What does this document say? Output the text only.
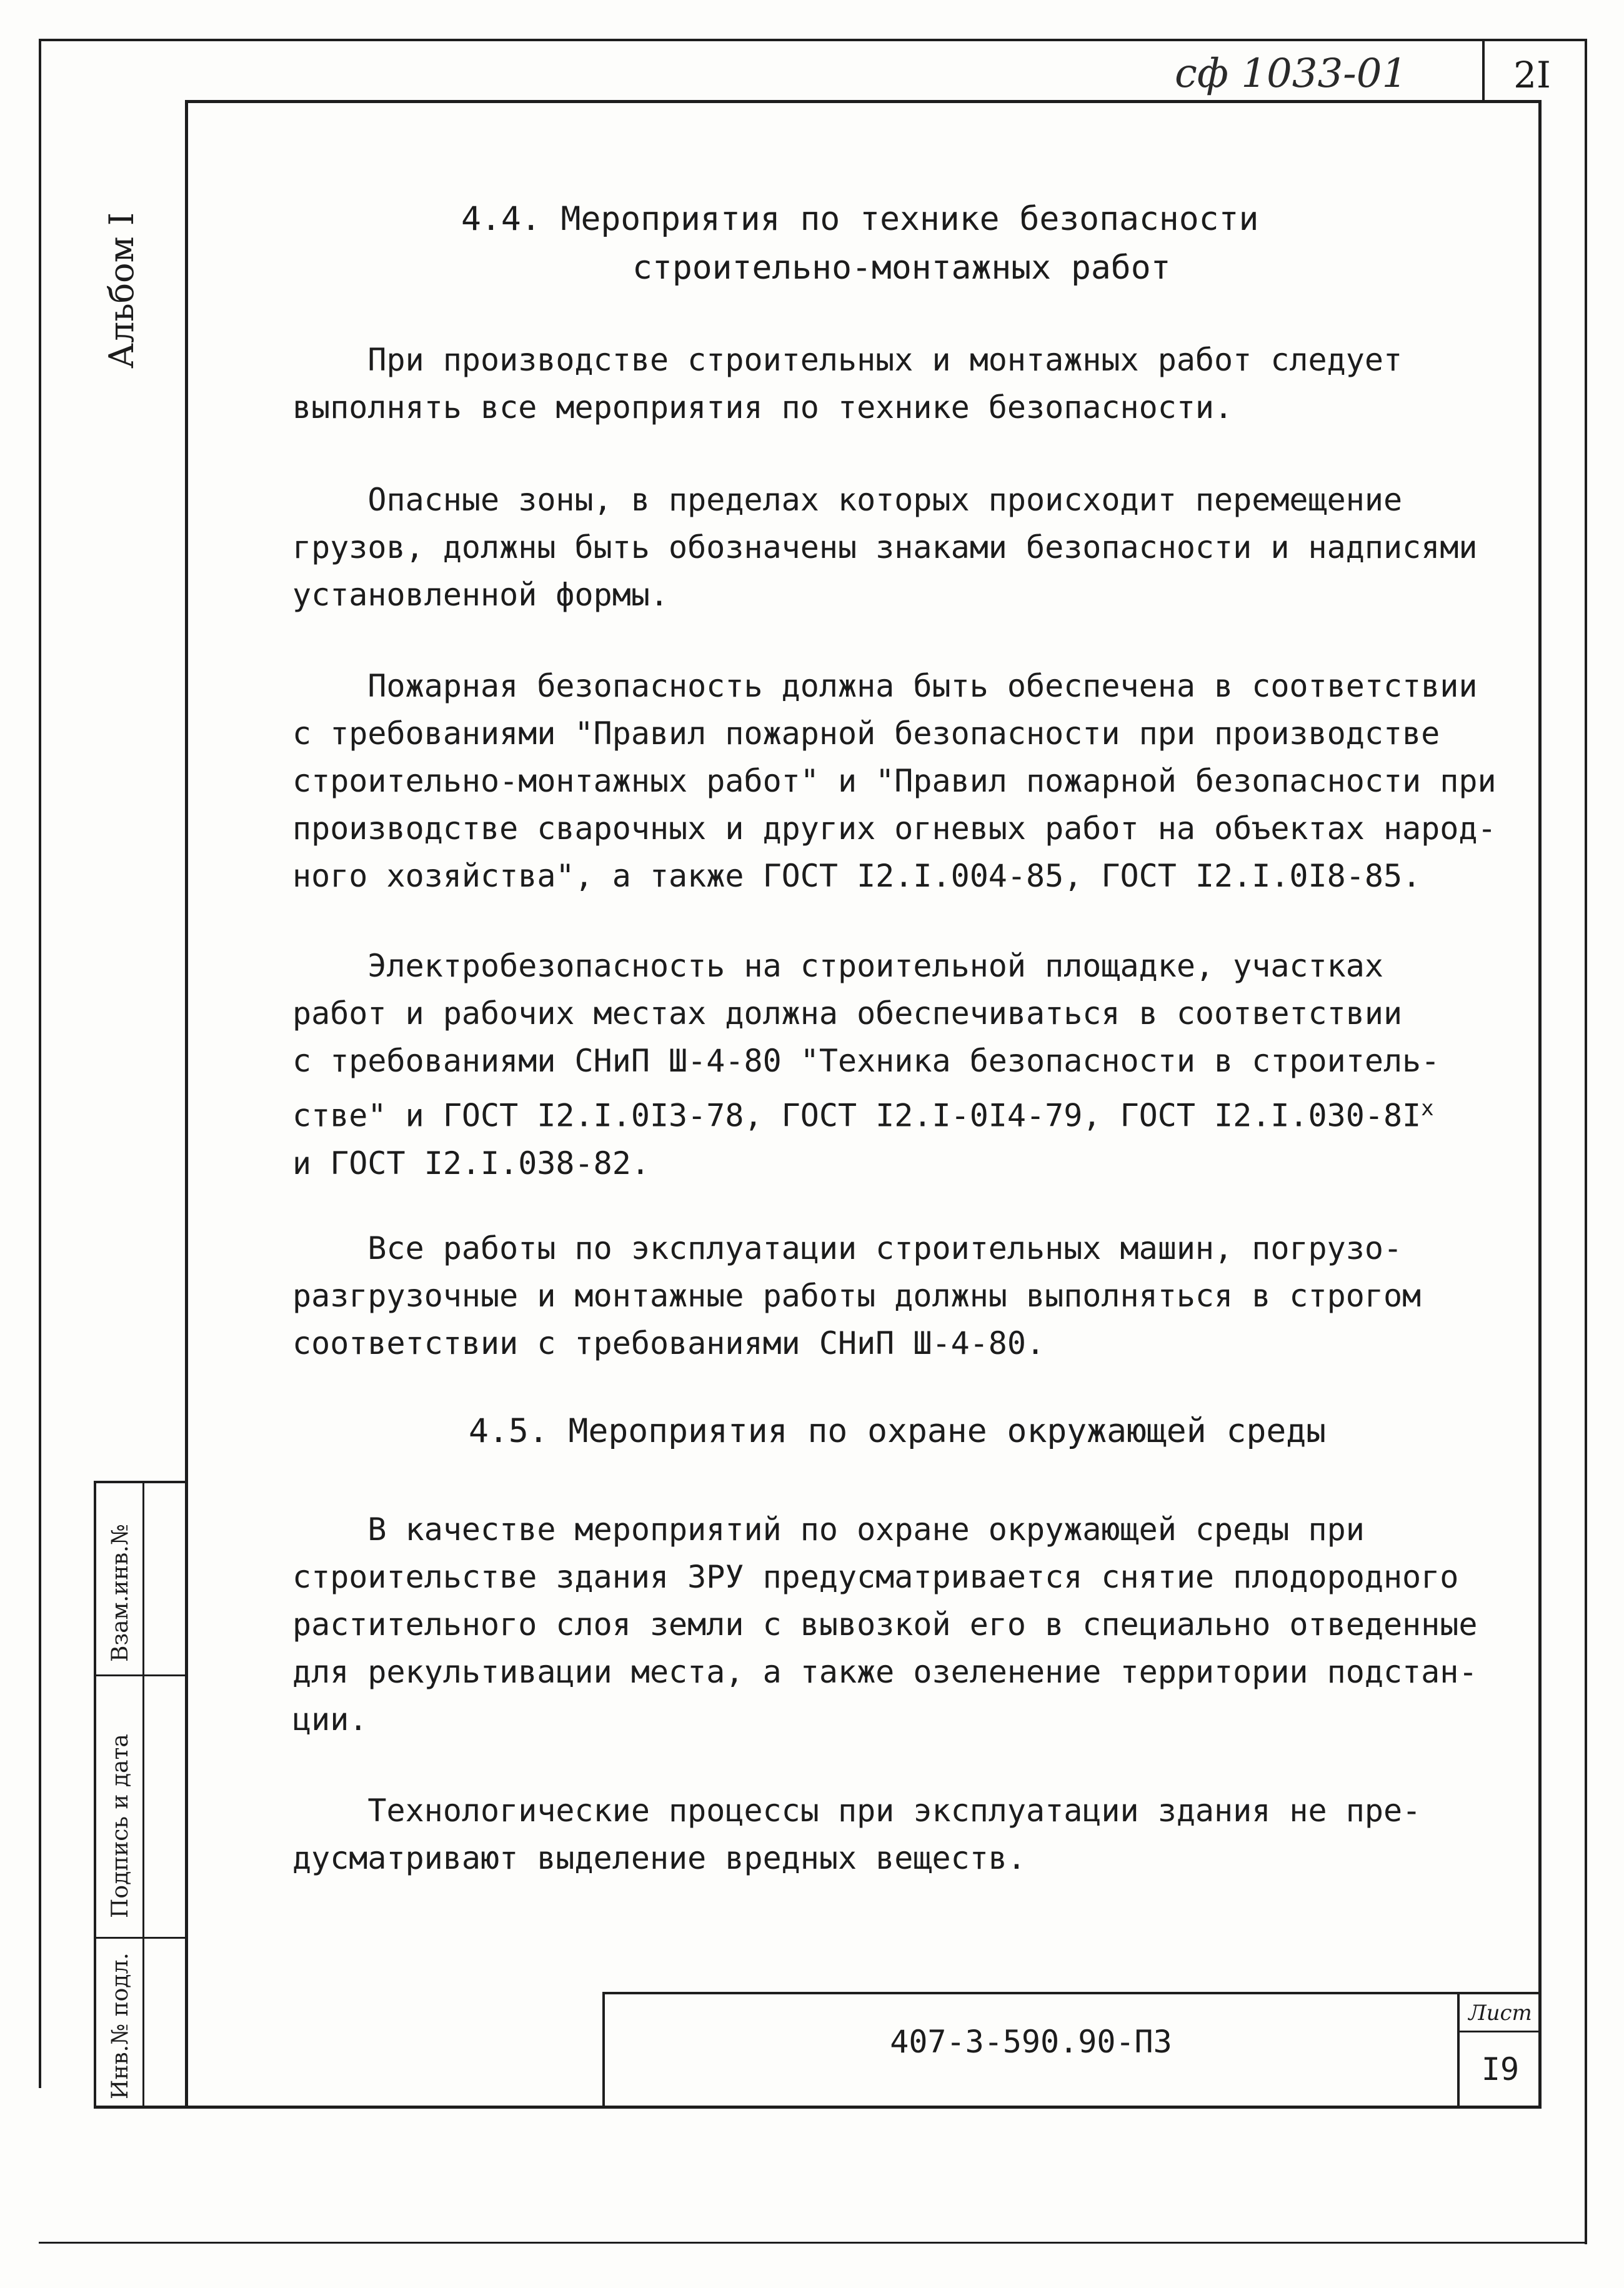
2I
сф 1033-01
Альбом I
Взам.инв.№
Подпись и дата
Инв.№ подл.
4.4. Мероприятия по технике безопасности
строительно-монтажных работ

При производстве строительных и монтажных работ следует

выполнять все мероприятия по технике безопасности.

Опасные зоны, в пределах которых происходит перемещение

грузов, должны быть обозначены знаками безопасности и надписями

установленной формы.

Пожарная безопасность должна быть обеспечена в соответствии

с требованиями "Правил пожарной безопасности при производстве

строительно-монтажных работ" и "Правил пожарной безопасности при

производстве сварочных и других огневых работ на объектах народ-

ного хозяйства", а также ГОСТ I2.I.004-85, ГОСТ I2.I.0I8-85.

Электробезопасность на строительной площадке, участках

работ и рабочих местах должна обеспечиваться в соответствии

с требованиями СНиП Ш-4-80 "Техника безопасности в строитель-

стве" и ГОСТ I2.I.0I3-78, ГОСТ I2.I-0I4-79, ГОСТ $I2.I.030-8I^x$

и ГОСТ I2.I.038-82.

Все работы по эксплуатации строительных машин, погрузо-

разгрузочные и монтажные работы должны выполняться в строгом

соответствии с требованиями СНиП Ш-4-80.

4.5. Мероприятия по охране окружающей среды

В качестве мероприятий по охране окружающей среды при

строительстве здания ЗРУ предусматривается снятие плодородного

растительного слоя земли с вывозкой его в специально отведенные

для рекультивации места, а также озеленение территории подстан-

ции.

Технологические процессы при эксплуатации здания не пре-

дусматривают выделение вредных веществ.

407-3-590.90-ПЗ
Лист
I9
